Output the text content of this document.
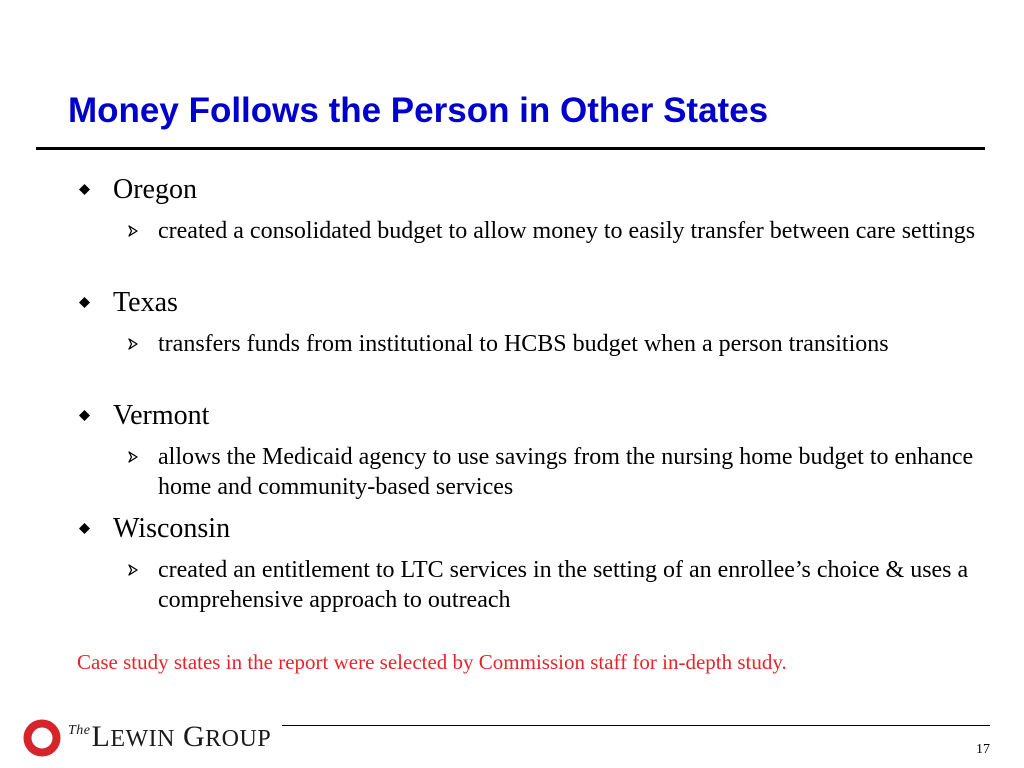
Money Follows the Person in Other States
Oregon
created a consolidated budget to allow money to easily transfer between care settings
Texas
transfers funds from institutional to HCBS budget when a person transitions
Vermont
allows the Medicaid agency to use savings from the nursing home budget to enhance home and community-based services
Wisconsin
created an entitlement to LTC services in the setting of an enrollee’s choice & uses a comprehensive approach to outreach
Case study states in the report were selected by Commission staff for in-depth study.
$^{The}$LEWIN GROUP	17
